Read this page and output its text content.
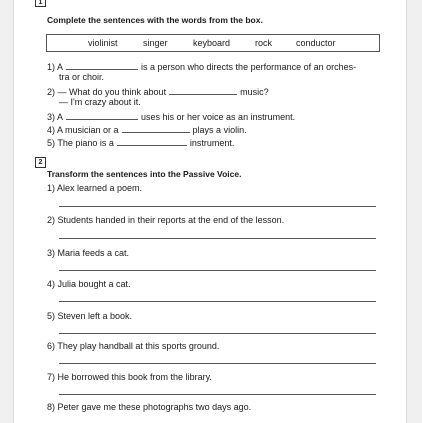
1
Complete the sentences with the words from the box.
violinist	singer	keyboard	rock	conductor
1) A	is a person who directs the performance of an orches-
tra or choir.
2) — What do you think about	music?
— I'm crazy about it.
3) A	uses his or her voice as an instrument.
4) A musician or a	plays a violin.
5) The piano is a	instrument.
2
Transform the sentences into the Passive Voice.
1) Alex learned a poem.
2) Students handed in their reports at the end of the lesson.
3) Maria feeds a cat.
4) Julia bought a cat.
5) Steven left a book.
6) They play handball at this sports ground.
7) He borrowed this book from the library.
8) Peter gave me these photographs two days ago.
